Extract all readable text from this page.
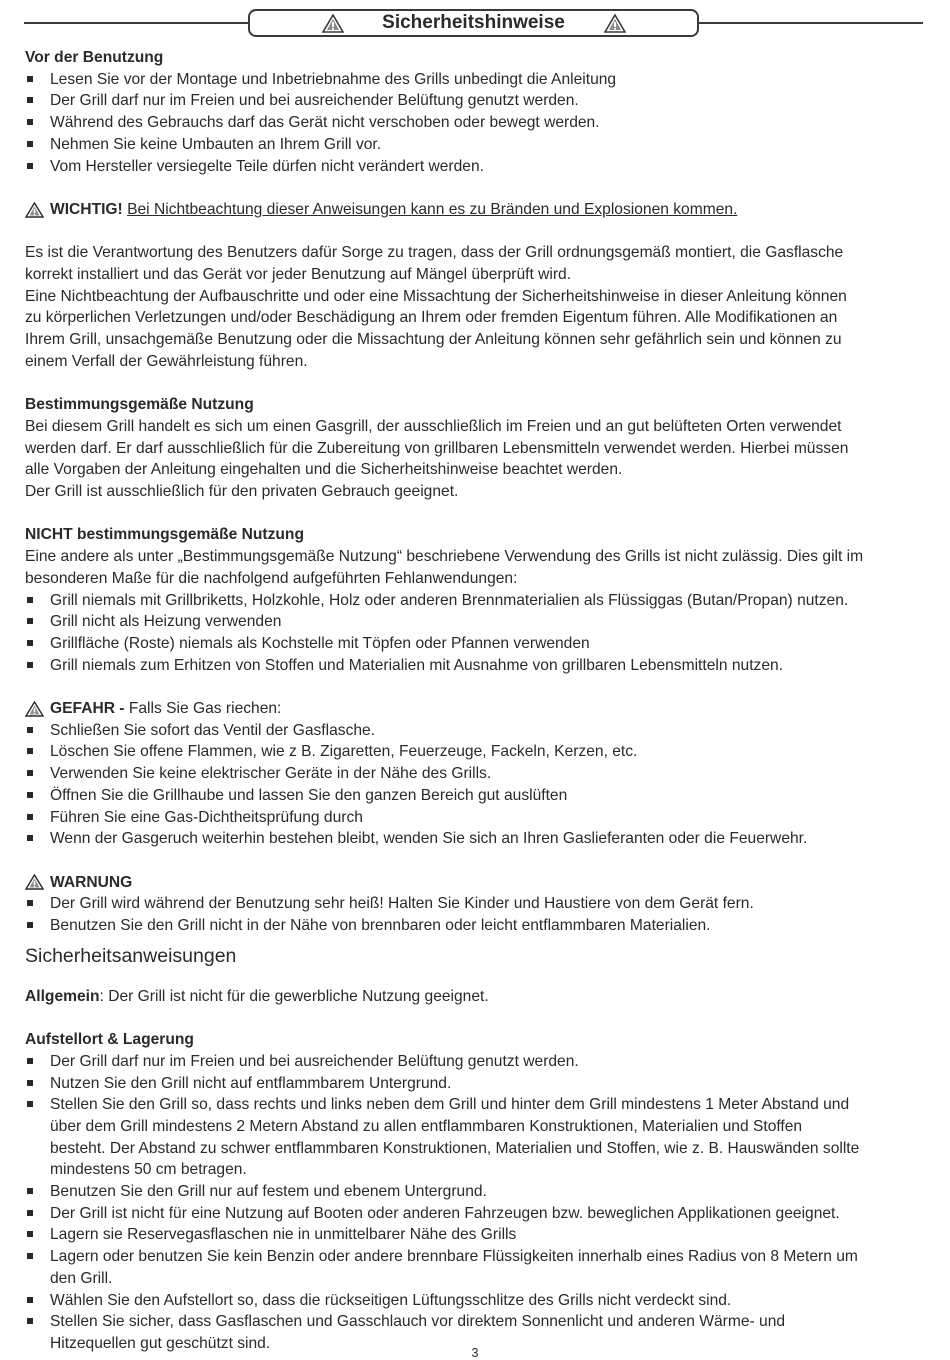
Sicherheitshinweise
Vor der Benutzung
Lesen Sie vor der Montage und Inbetriebnahme des Grills unbedingt die Anleitung
Der Grill darf nur im Freien und bei ausreichender Belüftung genutzt werden.
Während des Gebrauchs darf das Gerät nicht verschoben oder bewegt werden.
Nehmen Sie keine Umbauten an Ihrem Grill vor.
Vom Hersteller versiegelte Teile dürfen nicht verändert werden.
WICHTIG!
Bei Nichtbeachtung dieser Anweisungen kann es zu Bränden und Explosionen kommen.
Es ist die Verantwortung des Benutzers dafür Sorge zu tragen, dass der Grill ordnungsgemäß montiert, die Gasflasche
korrekt installiert und das Gerät vor jeder Benutzung auf Mängel überprüft wird.
Eine Nichtbeachtung der Aufbauschritte und oder eine Missachtung der Sicherheitshinweise in dieser Anleitung können
zu körperlichen Verletzungen und/oder Beschädigung an Ihrem oder fremden Eigentum führen. Alle Modifikationen an
Ihrem Grill, unsachgemäße Benutzung oder die Missachtung der Anleitung können sehr gefährlich sein und können zu
einem Verfall der Gewährleistung führen.
Bestimmungsgemäße Nutzung
Bei diesem Grill handelt es sich um einen Gasgrill, der ausschließlich im Freien und an gut belüfteten Orten verwendet
werden darf. Er darf ausschließlich für die Zubereitung von grillbaren Lebensmitteln verwendet werden. Hierbei müssen
alle Vorgaben der Anleitung eingehalten und die Sicherheitshinweise beachtet werden.
Der Grill ist ausschließlich für den privaten Gebrauch geeignet.
NICHT bestimmungsgemäße Nutzung
Eine andere als unter „Bestimmungsgemäße Nutzung“ beschriebene Verwendung des Grills ist nicht zulässig. Dies gilt im
besonderen Maße für die nachfolgend aufgeführten Fehlanwendungen:
Grill niemals mit Grillbriketts, Holzkohle, Holz oder anderen Brennmaterialien als Flüssiggas (Butan/Propan) nutzen.
Grill nicht als Heizung verwenden
Grillfläche (Roste) niemals als Kochstelle mit Töpfen oder Pfannen verwenden
Grill niemals zum Erhitzen von Stoffen und Materialien mit Ausnahme von grillbaren Lebensmitteln nutzen.
GEFAHR -
Falls Sie Gas riechen:
Schließen Sie sofort das Ventil der Gasflasche.
Löschen Sie offene Flammen, wie z B. Zigaretten, Feuerzeuge, Fackeln, Kerzen, etc.
Verwenden Sie keine elektrischer Geräte in der Nähe des Grills.
Öffnen Sie die Grillhaube und lassen Sie den ganzen Bereich gut auslüften
Führen Sie eine Gas-Dichtheitsprüfung durch
Wenn der Gasgeruch weiterhin bestehen bleibt, wenden Sie sich an Ihren Gaslieferanten oder die Feuerwehr.
WARNUNG
Der Grill wird während der Benutzung sehr heiß! Halten Sie Kinder und Haustiere von dem Gerät fern.
Benutzen Sie den Grill nicht in der Nähe von brennbaren oder leicht entflammbaren Materialien.
Sicherheitsanweisungen
Allgemein: Der Grill ist nicht für die gewerbliche Nutzung geeignet.
Aufstellort & Lagerung
Der Grill darf nur im Freien und bei ausreichender Belüftung genutzt werden.
Nutzen Sie den Grill nicht auf entflammbarem Untergrund.
Stellen Sie den Grill so, dass rechts und links neben dem Grill und hinter dem Grill mindestens 1 Meter Abstand und
über dem Grill mindestens 2 Metern Abstand zu allen entflammbaren Konstruktionen, Materialien und Stoffen
besteht. Der Abstand zu schwer entflammbaren Konstruktionen, Materialien und Stoffen, wie z. B. Hauswänden sollte
mindestens 50 cm betragen.
Benutzen Sie den Grill nur auf festem und ebenem Untergrund.
Der Grill ist nicht für eine Nutzung auf Booten oder anderen Fahrzeugen bzw. beweglichen Applikationen geeignet.
Lagern sie Reservegasflaschen nie in unmittelbarer Nähe des Grills
Lagern oder benutzen Sie kein Benzin oder andere brennbare Flüssigkeiten innerhalb eines Radius von 8 Metern um
den Grill.
Wählen Sie den Aufstellort so, dass die rückseitigen Lüftungsschlitze des Grills nicht verdeckt sind.
Stellen Sie sicher, dass Gasflaschen und Gasschlauch vor direktem Sonnenlicht und anderen Wärme- und
Hitzequellen gut geschützt sind.
3
